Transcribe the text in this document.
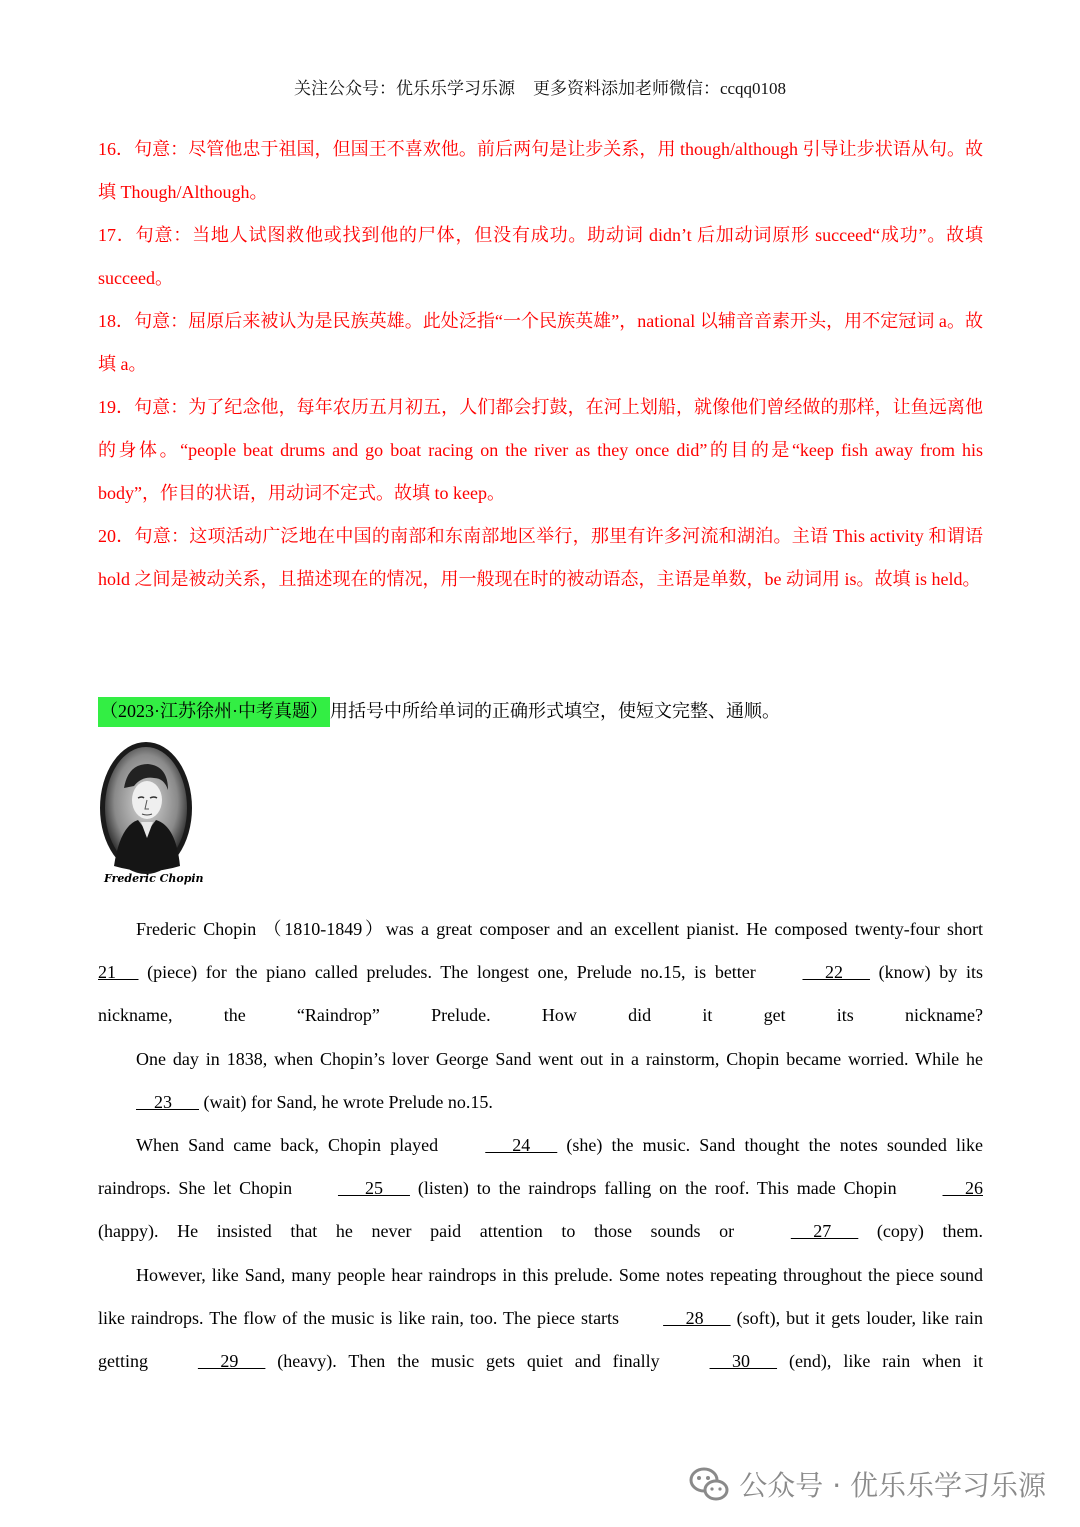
关注公众号：优乐乐学习乐源 更多资料添加老师微信：ccqq0108

16．句意：尽管他忠于祖国，但国王不喜欢他。前后两句是让步关系，用 though/although 引导让步状语从句。故填 Though/Although。

17．句意：当地人试图救他或找到他的尸体，但没有成功。助动词 didn’t 后加动词原形 succeed“成功”。故填 succeed。

18．句意：屈原后来被认为是民族英雄。此处泛指“一个民族英雄”，national 以辅音音素开头，用不定冠词 a。故填 a。

19．句意：为了纪念他，每年农历五月初五，人们都会打鼓，在河上划船，就像他们曾经做的那样，让鱼远离他的身体。“people beat drums and go boat racing on the river as they once did”的目的是“keep fish away from his body”，作目的状语，用动词不定式。故填 to keep。

20．句意：这项活动广泛地在中国的南部和东南部地区举行，那里有许多河流和湖泊。主语 This activity 和谓语 hold 之间是被动关系，且描述现在的情况，用一般现在时的被动语态，主语是单数，be 动词用 is。故填 is held。

（2023·江苏徐州·中考真题） 用括号中所给单词的正确形式填空，使短文完整、通顺。
Frederic Chopin

Frederic Chopin （1810-1849）was a great composer and an excellent pianist. He composed twenty-four short 21      (piece) for the piano called preludes. The longest one, Prelude no.15, is better      22       (know) by its nickname, the “Raindrop” Prelude. How did it get its nickname?

One day in 1838, when Chopin’s lover George Sand went out in a rainstorm, Chopin became worried. While he     23       (wait) for Sand, he wrote Prelude no.15.

When Sand came back, Chopin played       24       (she) the music. Sand thought the notes sounded like raindrops. She let Chopin       25       (listen) to the raindrops falling on the roof. This made Chopin      26 (happy). He insisted that he never paid attention to those sounds or      27       (copy) them.

However, like Sand, many people hear raindrops in this prelude. Some notes repeating throughout the piece sound like raindrops. The flow of the music is like rain, too. The piece starts      28       (soft), but it gets louder, like rain getting      29       (heavy). Then the music gets quiet and finally      30       (end), like rain when it

公众号 · 优乐乐学习乐源
